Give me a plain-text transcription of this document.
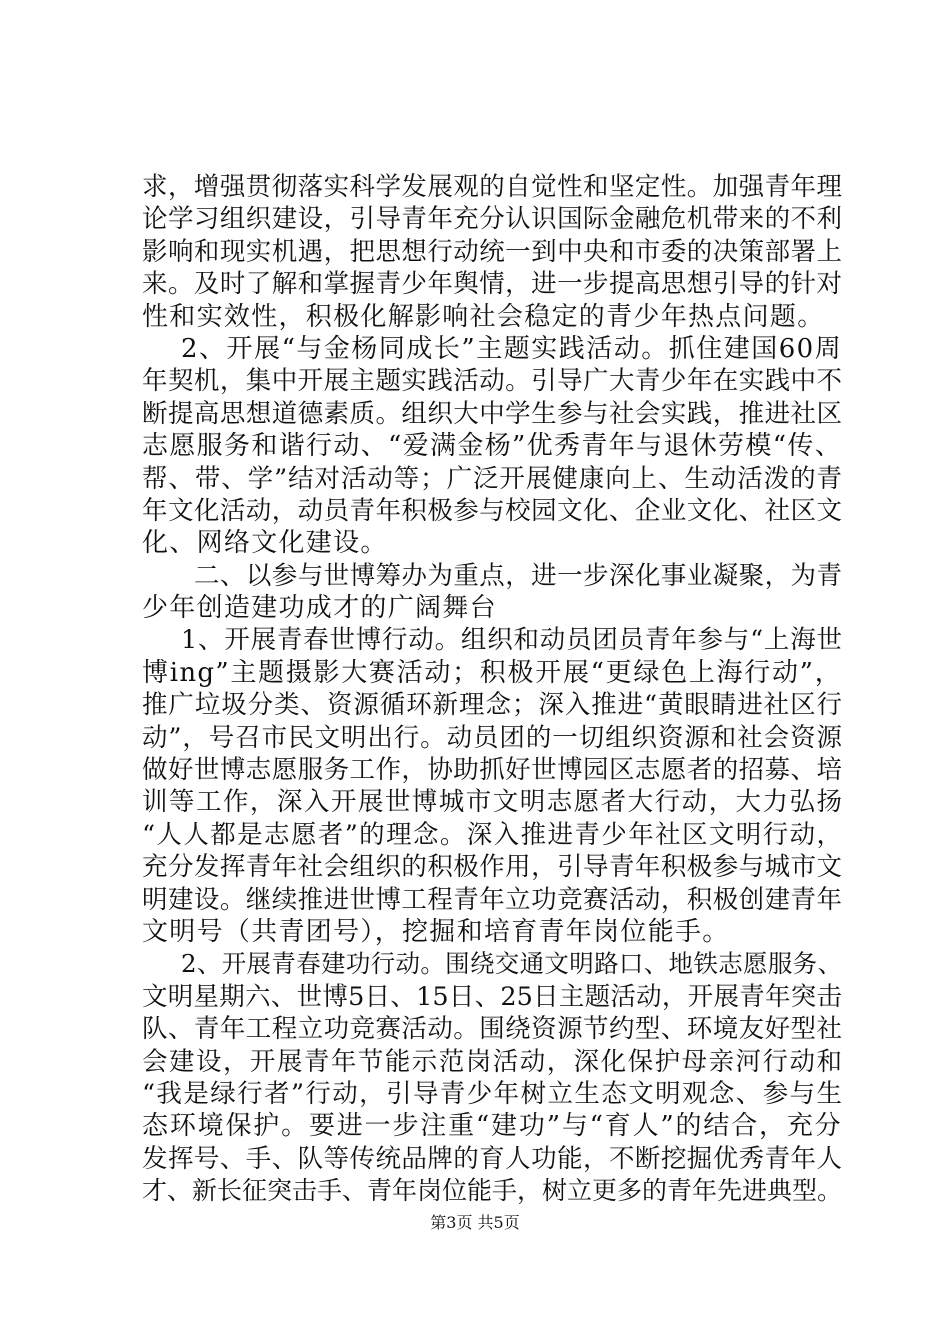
求，增强贯彻落实科学发展观的自觉性和坚定性。加强青年理
论学习组织建设，引导青年充分认识国际金融危机带来的不利
影响和现实机遇，把思想行动统一到中央和市委的决策部署上
来。及时了解和掌握青少年舆情，进一步提高思想引导的针对
性和实效性，积极化解影响社会稳定的青少年热点问题。
2、开展“与金杨同成长”主题实践活动。抓住建国60周
年契机，集中开展主题实践活动。引导广大青少年在实践中不
断提高思想道德素质。组织大中学生参与社会实践，推进社区
志愿服务和谐行动、“爱满金杨”优秀青年与退休劳模“传、
帮、带、学”结对活动等；广泛开展健康向上、生动活泼的青
年文化活动，动员青年积极参与校园文化、企业文化、社区文
化、网络文化建设。
二、以参与世博筹办为重点，进一步深化事业凝聚，为青
少年创造建功成才的广阔舞台
1、开展青春世博行动。组织和动员团员青年参与“上海世
博ing”主题摄影大赛活动；积极开展“更绿色上海行动”，
推广垃圾分类、资源循环新理念；深入推进“黄眼睛进社区行
动”，号召市民文明出行。动员团的一切组织资源和社会资源
做好世博志愿服务工作，协助抓好世博园区志愿者的招募、培
训等工作，深入开展世博城市文明志愿者大行动，大力弘扬
“人人都是志愿者”的理念。深入推进青少年社区文明行动，
充分发挥青年社会组织的积极作用，引导青年积极参与城市文
明建设。继续推进世博工程青年立功竞赛活动，积极创建青年
文明号（共青团号），挖掘和培育青年岗位能手。
2、开展青春建功行动。围绕交通文明路口、地铁志愿服务、
文明星期六、世博5日、15日、25日主题活动，开展青年突击
队、青年工程立功竞赛活动。围绕资源节约型、环境友好型社
会建设，开展青年节能示范岗活动，深化保护母亲河行动和
“我是绿行者”行动，引导青少年树立生态文明观念、参与生
态环境保护。要进一步注重“建功”与“育人”的结合，充分
发挥号、手、队等传统品牌的育人功能，不断挖掘优秀青年人
才、新长征突击手、青年岗位能手，树立更多的青年先进典型。
第3页 共5页
